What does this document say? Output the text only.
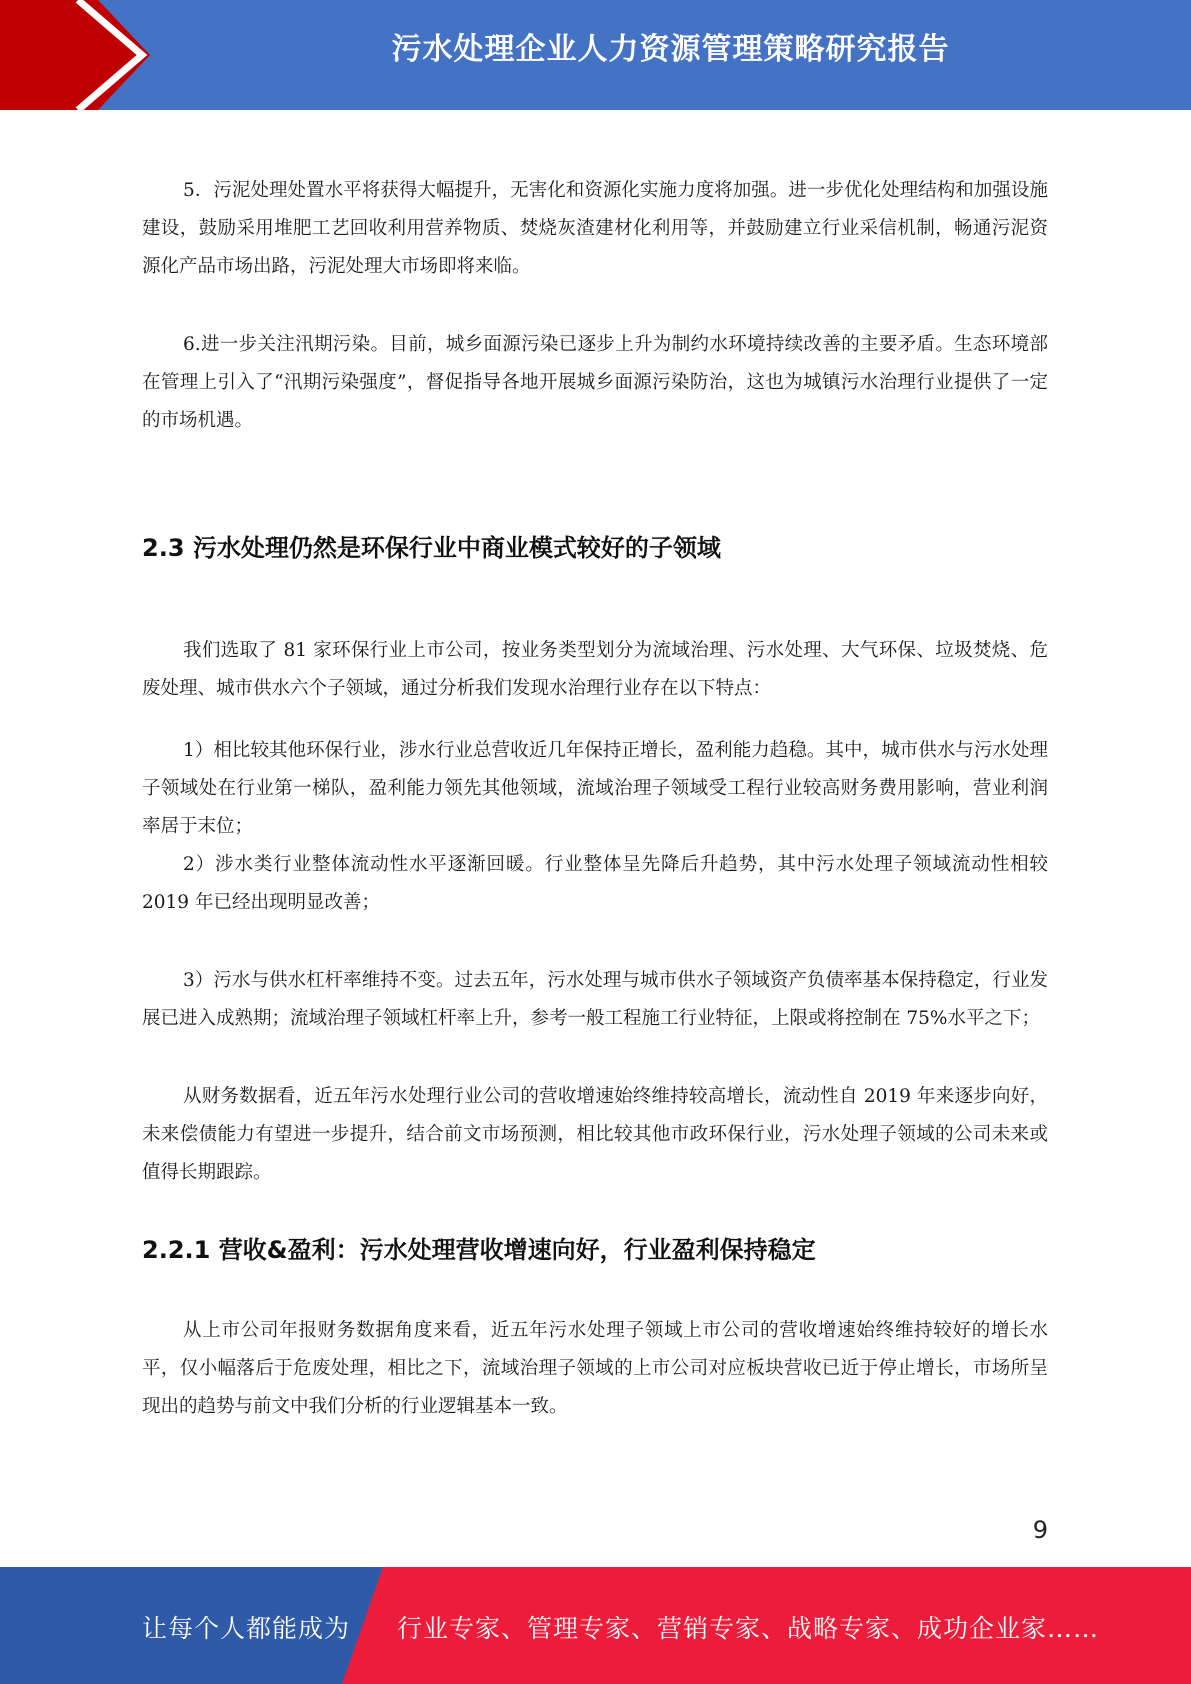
污水处理企业人力资源管理策略研究报告

5．污泥处理处置水平将获得大幅提升，无害化和资源化实施力度将加强。进一步优化处理结构和加强设施建设，鼓励采用堆肥工艺回收利用营养物质、焚烧灰渣建材化利用等，并鼓励建立行业采信机制，畅通污泥资源化产品市场出路，污泥处理大市场即将来临。

6.进一步关注汛期污染。目前，城乡面源污染已逐步上升为制约水环境持续改善的主要矛盾。生态环境部在管理上引入了“汛期污染强度”，督促指导各地开展城乡面源污染防治，这也为城镇污水治理行业提供了一定的市场机遇。

2.3 污水处理仍然是环保行业中商业模式较好的子领域

我们选取了 81 家环保行业上市公司，按业务类型划分为流域治理、污水处理、大气环保、垃圾焚烧、危废处理、城市供水六个子领域，通过分析我们发现水治理行业存在以下特点：

1）相比较其他环保行业，涉水行业总营收近几年保持正增长，盈利能力趋稳。其中，城市供水与污水处理子领域处在行业第一梯队，盈利能力领先其他领域，流域治理子领域受工程行业较高财务费用影响，营业利润率居于末位；

2）涉水类行业整体流动性水平逐渐回暖。行业整体呈先降后升趋势，其中污水处理子领域流动性相较 2019 年已经出现明显改善；

3）污水与供水杠杆率维持不变。过去五年，污水处理与城市供水子领域资产负债率基本保持稳定，行业发展已进入成熟期；流域治理子领域杠杆率上升，参考一般工程施工行业特征，上限或将控制在 75%水平之下；

从财务数据看，近五年污水处理行业公司的营收增速始终维持较高增长，流动性自 2019 年来逐步向好，未来偿债能力有望进一步提升，结合前文市场预测，相比较其他市政环保行业，污水处理子领域的公司未来或值得长期跟踪。

2.2.1 营收&盈利：污水处理营收增速向好，行业盈利保持稳定

从上市公司年报财务数据角度来看，近五年污水处理子领域上市公司的营收增速始终维持较好的增长水平，仅小幅落后于危废处理，相比之下，流域治理子领域的上市公司对应板块营收已近于停止增长，市场所呈现出的趋势与前文中我们分析的行业逻辑基本一致。

9
让每个人都能成为 行业专家、管理专家、营销专家、战略专家、成功企业家……
